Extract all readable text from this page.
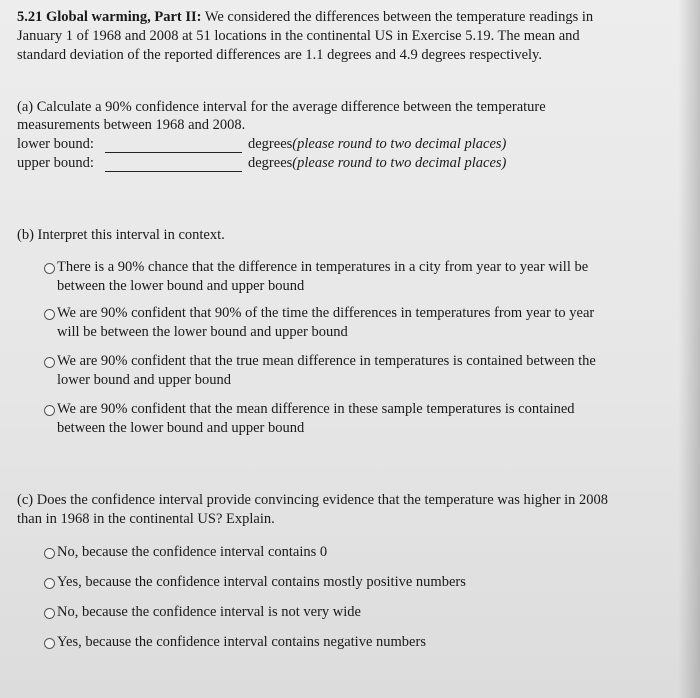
5.21 Global warming, Part II: We considered the differences between the temperature readings in
January 1 of 1968 and 2008 at 51 locations in the continental US in Exercise 5.19. The mean and
standard deviation of the reported differences are 1.1 degrees and 4.9 degrees respectively.
(a) Calculate a 90% confidence interval for the average difference between the temperature
measurements between 1968 and 2008.
lower bound:	degrees(please round to two decimal places)
upper bound:	degrees(please round to two decimal places)
(b) Interpret this interval in context.
There is a 90% chance that the difference in temperatures in a city from year to year will be
between the lower bound and upper bound
We are 90% confident that 90% of the time the differences in temperatures from year to year
will be between the lower bound and upper bound
We are 90% confident that the true mean difference in temperatures is contained between the
lower bound and upper bound
We are 90% confident that the mean difference in these sample temperatures is contained
between the lower bound and upper bound
(c) Does the confidence interval provide convincing evidence that the temperature was higher in 2008
than in 1968 in the continental US? Explain.
No, because the confidence interval contains 0
Yes, because the confidence interval contains mostly positive numbers
No, because the confidence interval is not very wide
Yes, because the confidence interval contains negative numbers
